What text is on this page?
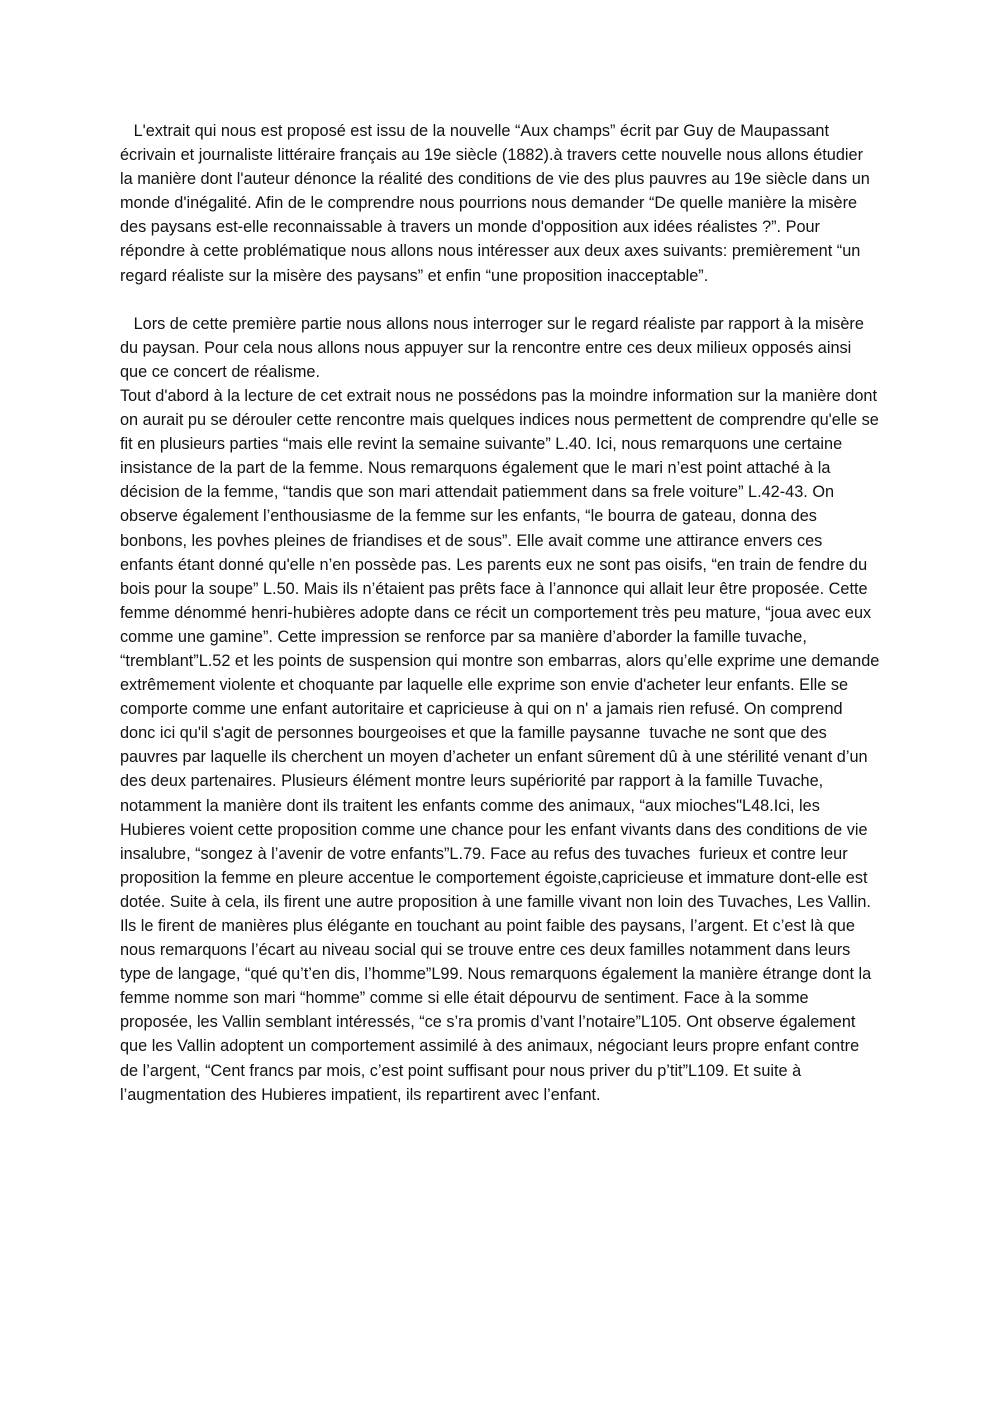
L'extrait qui nous est proposé est issu de la nouvelle “Aux champs” écrit par Guy de Maupassant écrivain et journaliste littéraire français au 19e siècle (1882).à travers cette nouvelle nous allons étudier la manière dont l'auteur dénonce la réalité des conditions de vie des plus pauvres au 19e siècle dans un monde d'inégalité. Afin de le comprendre nous pourrions nous demander “De quelle manière la misère des paysans est-elle reconnaissable à travers un monde d'opposition aux idées réalistes ?”. Pour répondre à cette problématique nous allons nous intéresser aux deux axes suivants: premièrement “un regard réaliste sur la misère des paysans” et enfin “une proposition inacceptable”.

Lors de cette première partie nous allons nous interroger sur le regard réaliste par rapport à la misère du paysan. Pour cela nous allons nous appuyer sur la rencontre entre ces deux milieux opposés ainsi que ce concert de réalisme.

Tout d'abord à la lecture de cet extrait nous ne possédons pas la moindre information sur la manière dont on aurait pu se dérouler cette rencontre mais quelques indices nous permettent de comprendre qu'elle se fit en plusieurs parties “mais elle revint la semaine suivante” L.40. Ici, nous remarquons une certaine insistance de la part de la femme. Nous remarquons également que le mari n’est point attaché à la décision de la femme, “tandis que son mari attendait patiemment dans sa frele voiture” L.42-43. On observe également l’enthousiasme de la femme sur les enfants, “le bourra de gateau, donna des bonbons, les povhes pleines de friandises et de sous”. Elle avait comme une attirance envers ces enfants étant donné qu'elle n’en possède pas. Les parents eux ne sont pas oisifs, “en train de fendre du bois pour la soupe” L.50. Mais ils n’étaient pas prêts face à l’annonce qui allait leur être proposée. Cette femme dénommé henri-hubières adopte dans ce récit un comportement très peu mature, “joua avec eux comme une gamine”. Cette impression se renforce par sa manière d’aborder la famille tuvache, “tremblant”L.52 et les points de suspension qui montre son embarras, alors qu’elle exprime une demande extrêmement violente et choquante par laquelle elle exprime son envie d'acheter leur enfants. Elle se comporte comme une enfant autoritaire et capricieuse à qui on n' a jamais rien refusé. On comprend donc ici qu'il s'agit de personnes bourgeoises et que la famille paysanne  tuvache ne sont que des pauvres par laquelle ils cherchent un moyen d’acheter un enfant sûrement dû à une stérilité venant d’un des deux partenaires. Plusieurs élément montre leurs supériorité par rapport à la famille Tuvache, notamment la manière dont ils traitent les enfants comme des animaux, “aux mioches"L48.Ici, les Hubieres voient cette proposition comme une chance pour les enfant vivants dans des conditions de vie insalubre, “songez à l’avenir de votre enfants”L.79. Face au refus des tuvaches  furieux et contre leur proposition la femme en pleure accentue le comportement égoiste,capricieuse et immature dont-elle est dotée. Suite à cela, ils firent une autre proposition à une famille vivant non loin des Tuvaches, Les Vallin. Ils le firent de manières plus élégante en touchant au point faible des paysans, l’argent. Et c’est là que nous remarquons l’écart au niveau social qui se trouve entre ces deux familles notamment dans leurs type de langage, “qué qu’t’en dis, l’homme”L99. Nous remarquons également la manière étrange dont la femme nomme son mari “homme” comme si elle était dépourvu de sentiment. Face à la somme proposée, les Vallin semblant intéressés, “ce s’ra promis d’vant l’notaire”L105. Ont observe également que les Vallin adoptent un comportement assimilé à des animaux, négociant leurs propre enfant contre de l’argent, “Cent francs par mois, c’est point suffisant pour nous priver du p’tit”L109. Et suite à l’augmentation des Hubieres impatient, ils repartirent avec l’enfant.
